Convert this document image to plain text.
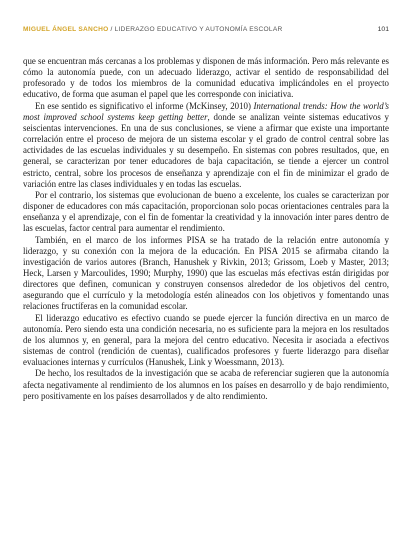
MIGUEL ÁNGEL SANCHO / LIDERAZGO EDUCATIVO Y AUTONOMÍA ESCOLAR	101

que se encuentran más cercanas a los problemas y disponen de más información. Pero más relevante es cómo la autonomía puede, con un adecuado liderazgo, activar el sentido de responsabilidad del profesorado y de todos los miembros de la comunidad educativa implicándoles en el proyecto educativo, de forma que asuman el papel que les corresponde con iniciativa.

En ese sentido es significativo el informe (McKinsey, 2010) International trends: How the world’s most improved school systems keep getting better, donde se analizan veinte sistemas educativos y seiscientas intervenciones. En una de sus conclusiones, se viene a afirmar que existe una importante correlación entre el proceso de mejora de un sistema escolar y el grado de control central sobre las actividades de las escuelas individuales y su desempeño. En sistemas con pobres resultados, que, en general, se caracterizan por tener educadores de baja capacitación, se tiende a ejercer un control estricto, central, sobre los procesos de enseñanza y aprendizaje con el fin de minimizar el grado de variación entre las clases individuales y en todas las escuelas.

Por el contrario, los sistemas que evolucionan de bueno a excelente, los cuales se caracterizan por disponer de educadores con más capacitación, proporcionan solo pocas orientaciones centrales para la enseñanza y el aprendizaje, con el fin de fomentar la creatividad y la innovación inter pares dentro de las escuelas, factor central para aumentar el rendimiento.

También, en el marco de los informes PISA se ha tratado de la relación entre autonomía y liderazgo, y su conexión con la mejora de la educación. En PISA 2015 se afirmaba citando la investigación de varios autores (Branch, Hanushek y Rivkin, 2013; Grissom, Loeb y Master, 2013; Heck, Larsen y Marcoulides, 1990; Murphy, 1990) que las escuelas más efectivas están dirigidas por directores que definen, comunican y construyen consensos alrededor de los objetivos del centro, asegurando que el currículo y la metodología estén alineados con los objetivos y fomentando unas relaciones fructíferas en la comunidad escolar.

El liderazgo educativo es efectivo cuando se puede ejercer la función directiva en un marco de autonomía. Pero siendo esta una condición necesaria, no es suficiente para la mejora en los resultados de los alumnos y, en general, para la mejora del centro educativo. Necesita ir asociada a efectivos sistemas de control (rendición de cuentas), cualificados profesores y fuerte liderazgo para diseñar evaluaciones internas y currículos (Hanushek, Link y Woessmann, 2013).

De hecho, los resultados de la investigación que se acaba de referenciar sugieren que la autonomía afecta negativamente al rendimiento de los alumnos en los países en desarrollo y de bajo rendimiento, pero positivamente en los países desarrollados y de alto rendimiento.
